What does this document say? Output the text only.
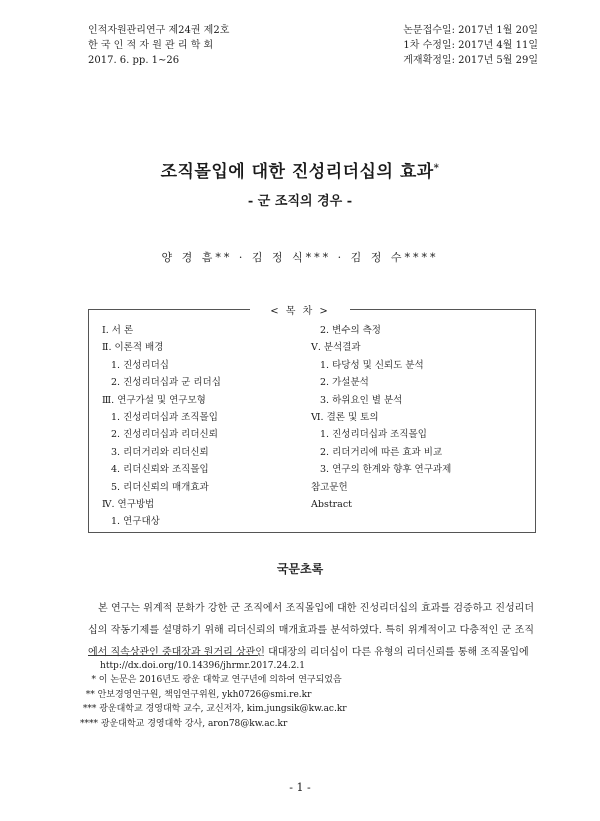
인적자원관리연구 제24권 제2호
한 국 인 적 자 원 관 리 학 회
2017. 6. pp. 1∼26
논문접수일: 2017년 1월 20일
1차 수정일: 2017년 4월 11일
게재확정일: 2017년 5월 29일
조직몰입에 대한 진성리더십의 효과*
- 군 조직의 경우 -
양 경 흠** · 김 정 식*** · 김 정 수****
< 목 차 >
Ⅰ. 서 론
Ⅱ. 이론적 배경
1. 진성리더십
2. 진성리더십과 군 리더십
Ⅲ. 연구가설 및 연구모형
1. 진성리더십과 조직몰입
2. 진성리더십과 리더신뢰
3. 리더거리와 리더신뢰
4. 리더신뢰와 조직몰입
5. 리더신뢰의 매개효과
Ⅳ. 연구방법
1. 연구대상
2. 변수의 측정
Ⅴ. 분석결과
1. 타당성 및 신뢰도 분석
2. 가설분석
3. 하위요인 별 분석
Ⅵ. 결론 및 토의
1. 진성리더십과 조직몰입
2. 리더거리에 따른 효과 비교
3. 연구의 한계와 향후 연구과제
참고문헌
Abstract
국문초록
본 연구는 위계적 문화가 강한 군 조직에서 조직몰입에 대한 진성리더십의 효과를 검증하고 진성리더십의 작동기제를 설명하기 위해 리더신뢰의 매개효과를 분석하였다. 특히 위계적이고 다층적인 군 조직에서 직속상관인 중대장과 원거리 상관인 대대장의 리더십이 다른 유형의 리더신뢰를 통해 조직몰입에
http://dx.doi.org/10.14396/jhrmr.2017.24.2.1
* 이 논문은 2016년도 광운 대학교 연구년에 의하여 연구되었음
** 안보경영연구원, 책임연구위원, ykh0726@smi.re.kr
*** 광운대학교 경영대학 교수, 교신저자, kim.jungsik@kw.ac.kr
**** 광운대학교 경영대학 강사, aron78@kw.ac.kr
- 1 -
